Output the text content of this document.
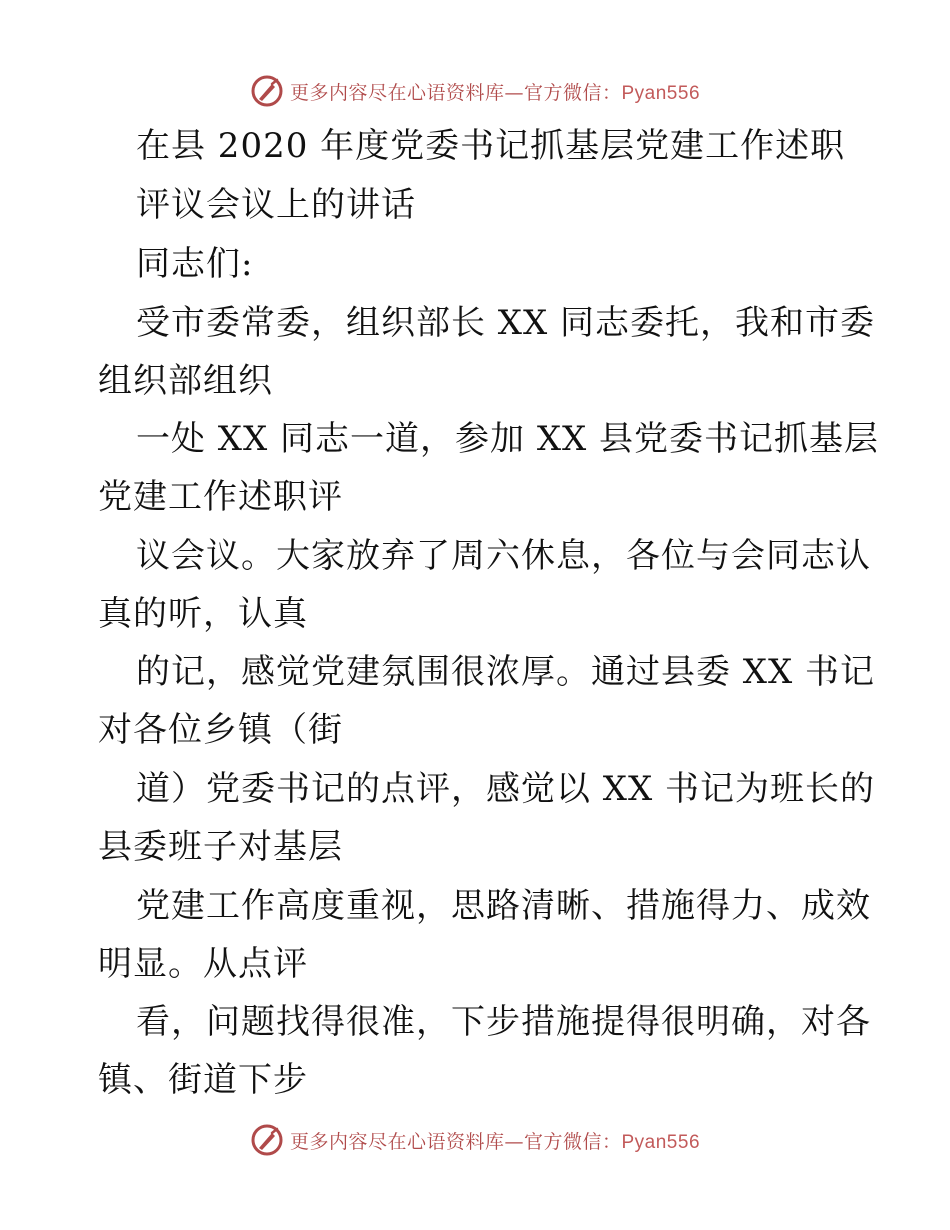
更多内容尽在心语资料库—官方微信：Pyan556
在县 2020 年度党委书记抓基层党建工作述职
评议会议上的讲话
同志们:
受市委常委，组织部长 XX 同志委托，我和市委
组织部组织
一处 XX 同志一道，参加 XX 县党委书记抓基层
党建工作述职评
议会议。大家放弃了周六休息，各位与会同志认
真的听，认真
的记，感觉党建氛围很浓厚。通过县委 XX 书记
对各位乡镇（街
道）党委书记的点评，感觉以 XX 书记为班长的
县委班子对基层
党建工作高度重视，思路清晰、措施得力、成效
明显。从点评
看，问题找得很准，下步措施提得很明确，对各
镇、街道下步
更多内容尽在心语资料库—官方微信：Pyan556
